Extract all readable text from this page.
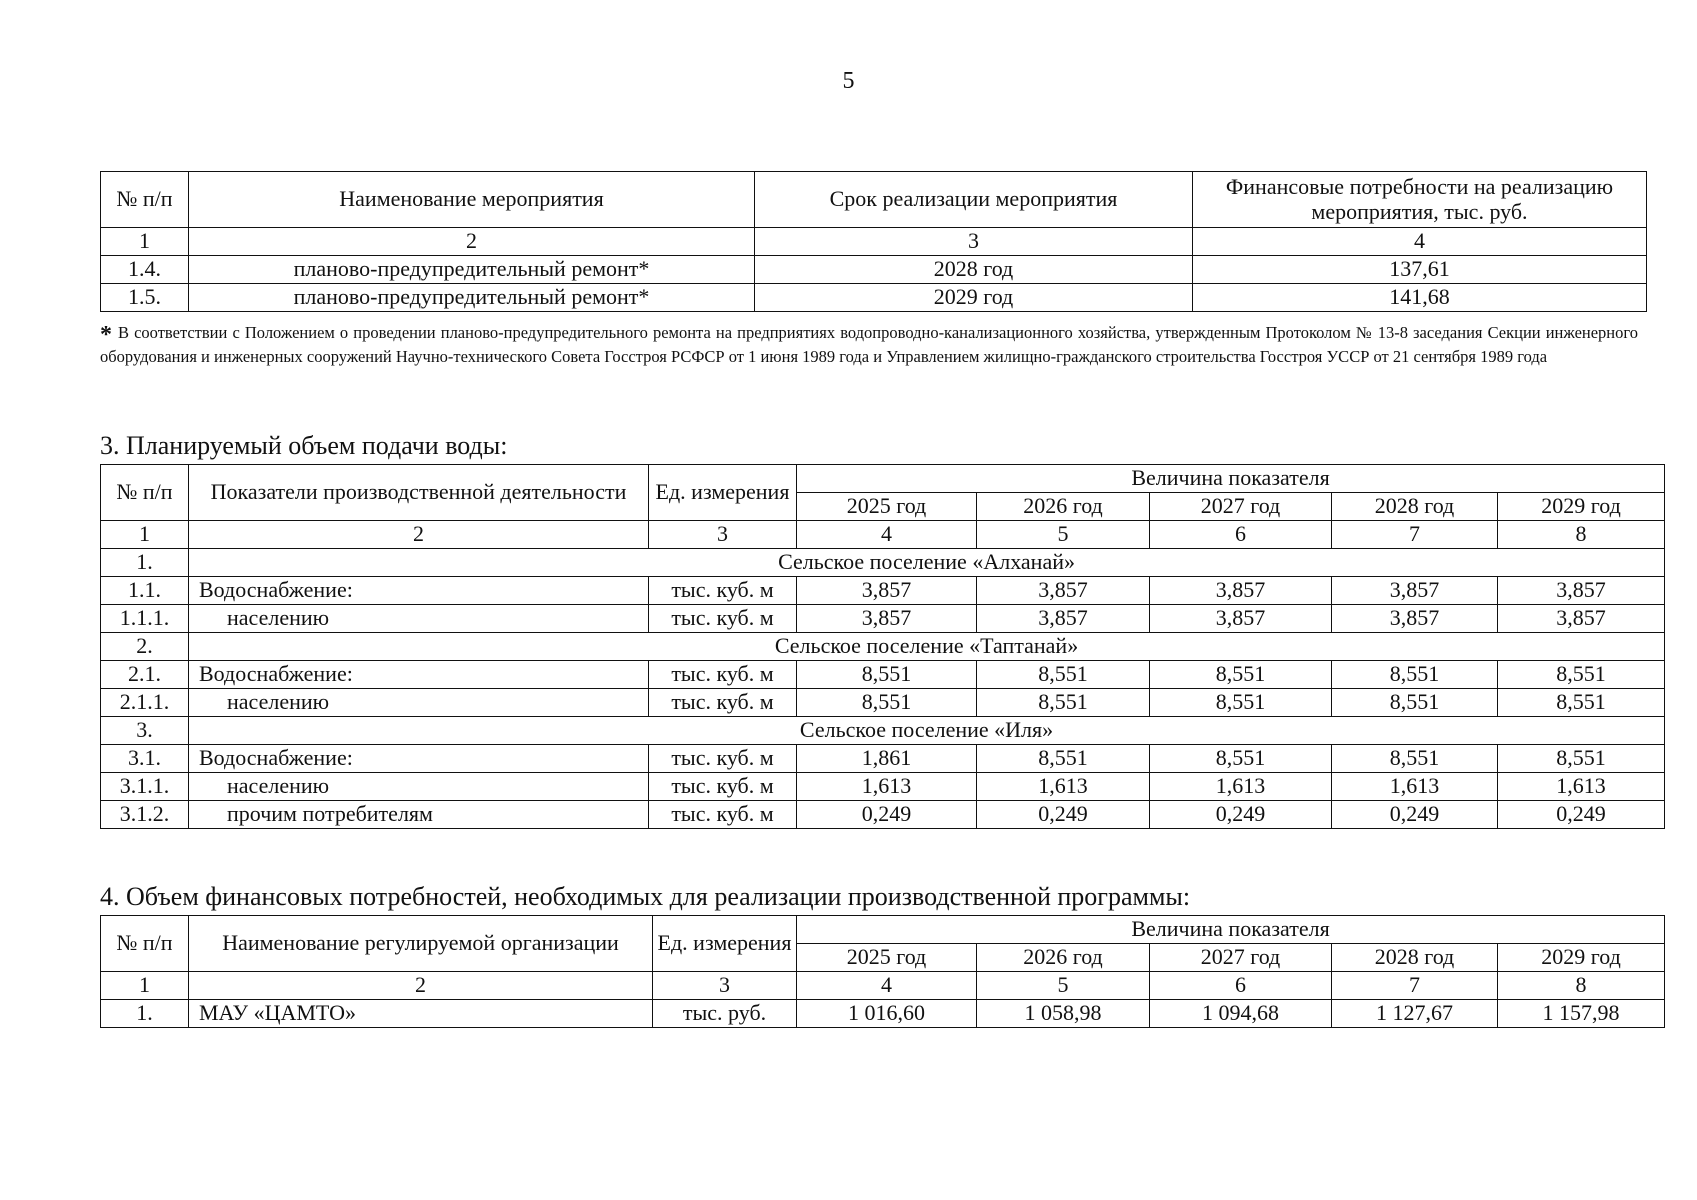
5
№ п/п	Наименование мероприятия	Срок реализации мероприятия	Финансовые потребности на реализацию мероприятия, тыс. руб.
1	2	3	4
1.4.	планово-предупредительный ремонт*	2028 год	137,61
1.5.	планово-предупредительный ремонт*	2029 год	141,68
* В соответствии с Положением о проведении планово-предупредительного ремонта на предприятиях водопроводно-канализационного хозяйства, утвержденным Протоколом № 13-8 заседания Секции инженерного оборудования и инженерных сооружений Научно-технического Совета Госстроя РСФСР от 1 июня 1989 года и Управлением жилищно-гражданского строительства Госстроя УССР от 21 сентября 1989 года
3. Планируемый объем подачи воды:
№ п/п	Показатели производственной деятельности	Ед. измерения	Величина показателя				
			2025 год	2026 год	2027 год	2028 год	2029 год
1	2	3	4	5	6	7	8
1.	Сельское поселение «Алханай»						
1.1.	Водоснабжение:	тыс. куб. м	3,857	3,857	3,857	3,857	3,857
1.1.1.	населению	тыс. куб. м	3,857	3,857	3,857	3,857	3,857
2.	Сельское поселение «Таптанай»						
2.1.	Водоснабжение:	тыс. куб. м	8,551	8,551	8,551	8,551	8,551
2.1.1.	населению	тыс. куб. м	8,551	8,551	8,551	8,551	8,551
3.	Сельское поселение «Иля»						
3.1.	Водоснабжение:	тыс. куб. м	1,861	8,551	8,551	8,551	8,551
3.1.1.	населению	тыс. куб. м	1,613	1,613	1,613	1,613	1,613
3.1.2.	прочим потребителям	тыс. куб. м	0,249	0,249	0,249	0,249	0,249
4. Объем финансовых потребностей, необходимых для реализации производственной программы:
№ п/п	Наименование регулируемой организации	Ед. измерения	Величина показателя				
			2025 год	2026 год	2027 год	2028 год	2029 год
1	2	3	4	5	6	7	8
1.	МАУ «ЦАМТО»	тыс. руб.	1 016,60	1 058,98	1 094,68	1 127,67	1 157,98
